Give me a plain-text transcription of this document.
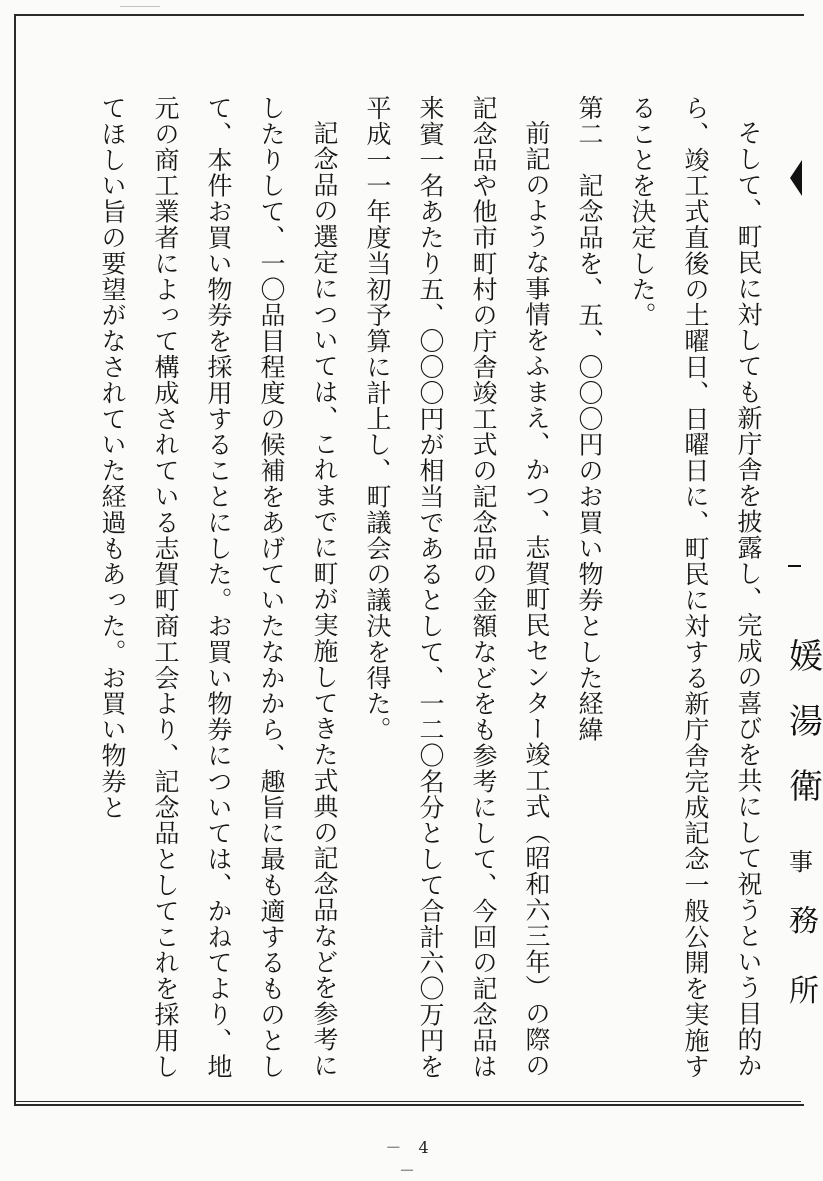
そして、町民に対しても新庁舎を披露し、完成の喜びを共にして祝うという目的から、竣工式直後の土曜日、日曜日に、町民に対する新庁舎完成記念一般公開を実施することを決定した。

第二　記念品を、五、〇〇〇円のお買い物券とした経緯

前記のような事情をふまえ、かつ、志賀町民センター竣工式（昭和六三年）の際の記念品や他市町村の庁舎竣工式の記念品の金額などをも参考にして、今回の記念品は来賓一名あたり五、〇〇〇円が相当であるとして、一二〇名分として合計六〇万円を平成一一年度当初予算に計上し、町議会の議決を得た。

記念品の選定については、これまでに町が実施してきた式典の記念品などを参考にしたりして、一〇品目程度の候補をあげていたなかから、趣旨に最も適するものとして、本件お買い物券を採用することにした。お買い物券については、かねてより、地元の商工業者によって構成されている志賀町商工会より、記念品としてこれを採用してほしい旨の要望がなされていた経過もあった。お買い物券と	媛
湯
衛
事
務
所
－ 4 －
